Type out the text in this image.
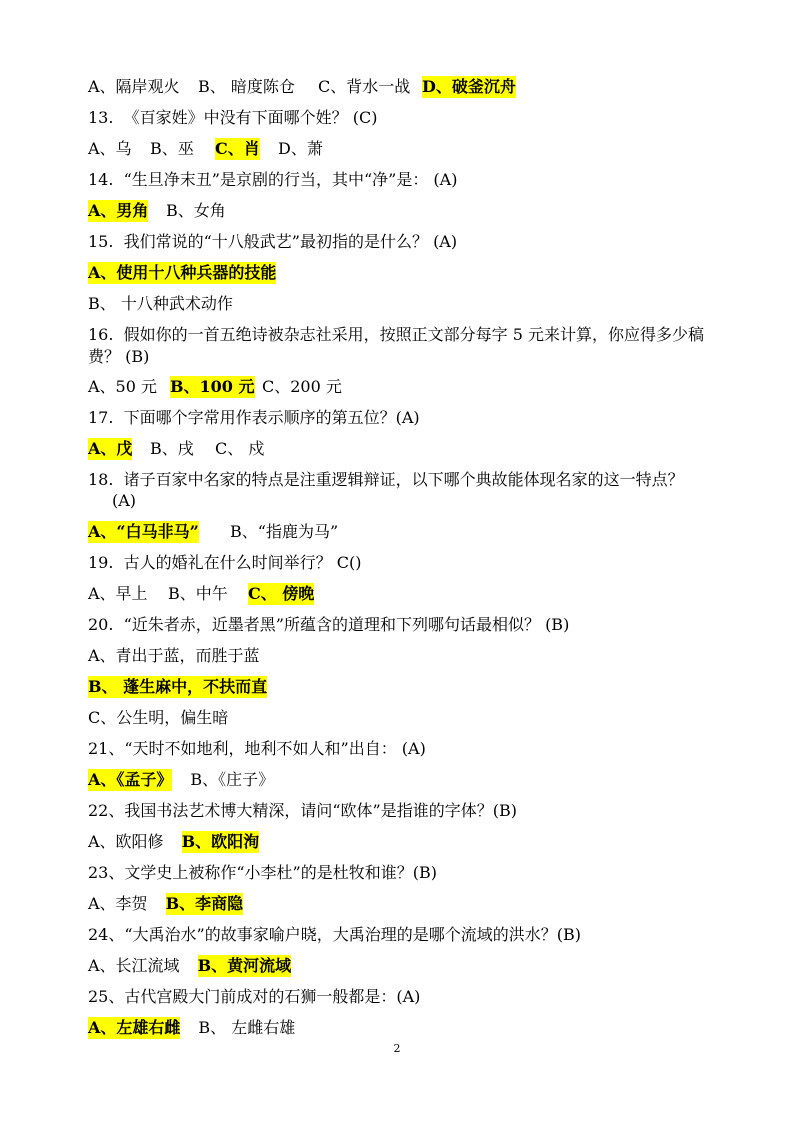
2
A、隔岸观火 B、 暗度陈仓 C、背水一战 D、破釜沉舟
13.  《百家姓》中没有下面哪个姓？ (C)
A、乌 B、巫 C、肖 D、萧
14.  “生旦净末丑”是京剧的行当，其中“净”是： (A)
A、男角 B、女角
15.  我们常说的“十八般武艺”最初指的是什么？ (A)
A、使用十八种兵器的技能
B、 十八种武术动作
16.  假如你的一首五绝诗被杂志社采用，按照正文部分每字 5 元来计算，你应得多少稿
费？ (B)
A、50 元 B、100 元 C、200 元
17.  下面哪个字常用作表示顺序的第五位？(A)
A、戊 B、戌 C、 戍
18.  诸子百家中名家的特点是注重逻辑辩证，以下哪个典故能体现名家的这一特点？
(A)
A、“白马非马” B、“指鹿为马”
19.  古人的婚礼在什么时间举行？ C()
A、早上 B、中午 C、 傍晚
20.  “近朱者赤，近墨者黑”所蕴含的道理和下列哪句话最相似？ (B)
A、青出于蓝，而胜于蓝
B、 蓬生麻中，不扶而直
C、公生明，偏生暗
21、“天时不如地利，地利不如人和”出自： (A)
A、《孟子》 B、《庄子》
22、我国书法艺术博大精深，请问“欧体”是指谁的字体？(B)
A、欧阳修 B、欧阳洵
23、文学史上被称作“小李杜”的是杜牧和谁？(B)
A、李贺 B、李商隐
24、“大禹治水”的故事家喻户晓，大禹治理的是哪个流域的洪水？(B)
A、长江流域 B、黄河流域
25、古代宫殿大门前成对的石狮一般都是：(A)
A、左雄右雌 B、 左雌右雄
